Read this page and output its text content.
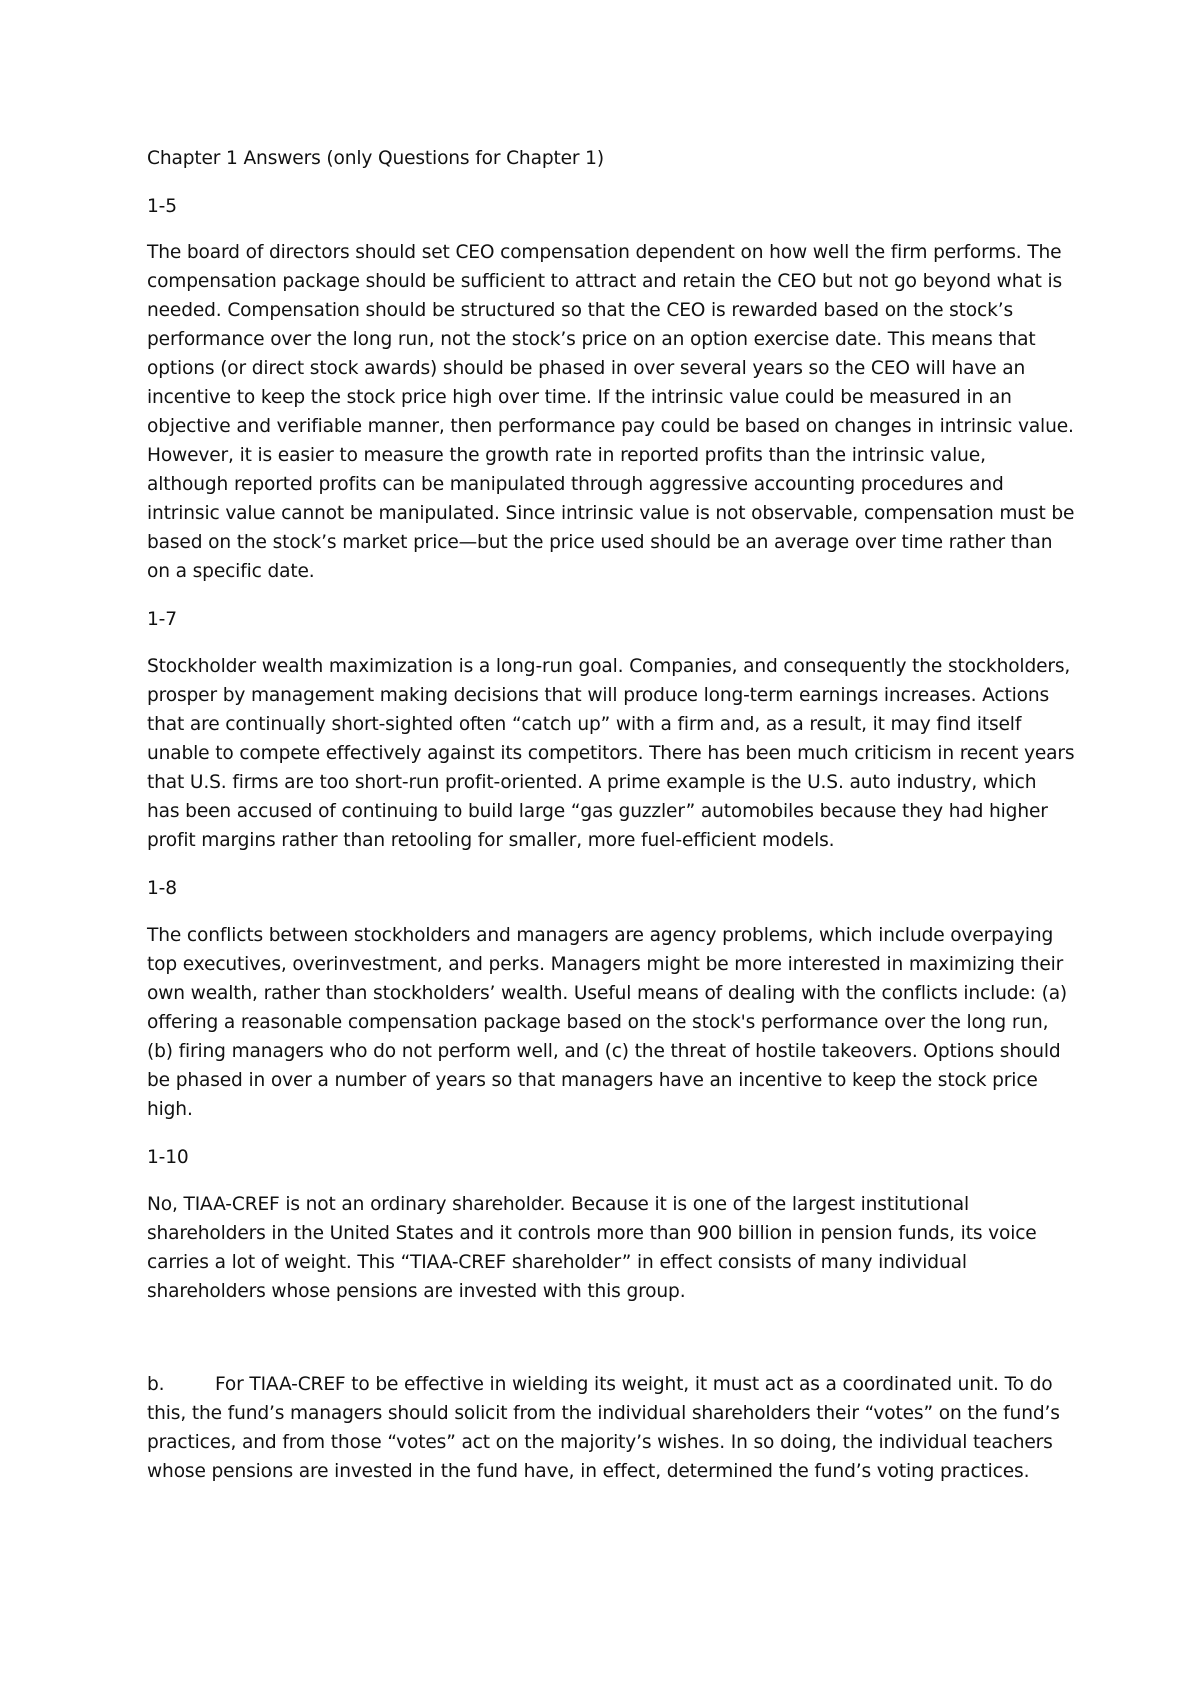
Chapter 1 Answers (only Questions for Chapter 1)
1-5
The board of directors should set CEO compensation dependent on how well the firm performs. The
compensation package should be sufficient to attract and retain the CEO but not go beyond what is
needed. Compensation should be structured so that the CEO is rewarded based on the stock’s
performance over the long run, not the stock’s price on an option exercise date. This means that
options (or direct stock awards) should be phased in over several years so the CEO will have an
incentive to keep the stock price high over time. If the intrinsic value could be measured in an
objective and verifiable manner, then performance pay could be based on changes in intrinsic value.
However, it is easier to measure the growth rate in reported profits than the intrinsic value,
although reported profits can be manipulated through aggressive accounting procedures and
intrinsic value cannot be manipulated. Since intrinsic value is not observable, compensation must be
based on the stock’s market price—but the price used should be an average over time rather than
on a specific date.
1-7
Stockholder wealth maximization is a long-run goal. Companies, and consequently the stockholders,
prosper by management making decisions that will produce long-term earnings increases. Actions
that are continually short-sighted often “catch up” with a firm and, as a result, it may find itself
unable to compete effectively against its competitors. There has been much criticism in recent years
that U.S. firms are too short-run profit-oriented. A prime example is the U.S. auto industry, which
has been accused of continuing to build large “gas guzzler” automobiles because they had higher
profit margins rather than retooling for smaller, more fuel-efficient models.
1-8
The conflicts between stockholders and managers are agency problems, which include overpaying
top executives, overinvestment, and perks. Managers might be more interested in maximizing their
own wealth, rather than stockholders’ wealth. Useful means of dealing with the conflicts include: (a)
offering a reasonable compensation package based on the stock's performance over the long run,
(b) firing managers who do not perform well, and (c) the threat of hostile takeovers. Options should
be phased in over a number of years so that managers have an incentive to keep the stock price
high.
1-10
No, TIAA-CREF is not an ordinary shareholder. Because it is one of the largest institutional
shareholders in the United States and it controls more than 900 billion in pension funds, its voice
carries a lot of weight. This “TIAA-CREF shareholder” in effect consists of many individual
shareholders whose pensions are invested with this group.
b.	For TIAA-CREF to be effective in wielding its weight, it must act as a coordinated unit. To do
this, the fund’s managers should solicit from the individual shareholders their “votes” on the fund’s
practices, and from those “votes” act on the majority’s wishes. In so doing, the individual teachers
whose pensions are invested in the fund have, in effect, determined the fund’s voting practices.
